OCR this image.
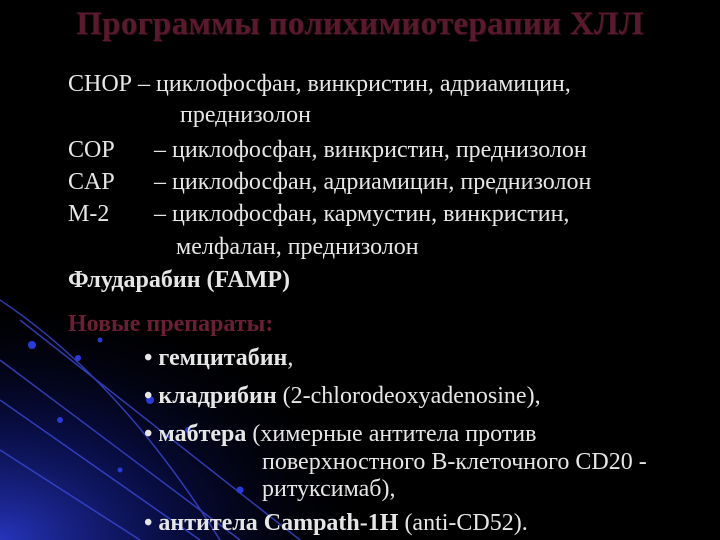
Программы полихимиотерапии ХЛЛ
CHOP – циклофосфан, винкристин, адриамицин,
преднизолон
COP – циклофосфан, винкристин, преднизолон
CAP – циклофосфан, адриамицин, преднизолон
M-2 – циклофосфан, кармустин, винкристин,
мелфалан, преднизолон
Флударабин (FAMP)
Новые препараты:
• гемцитабин,
• кладрибин (2-chlorodeoxyadenosine),
• мабтера (химерные антитела против
поверхностного В-клеточного CD20 -
ритуксимаб),
• антитела Campath-1H (anti-CD52).
